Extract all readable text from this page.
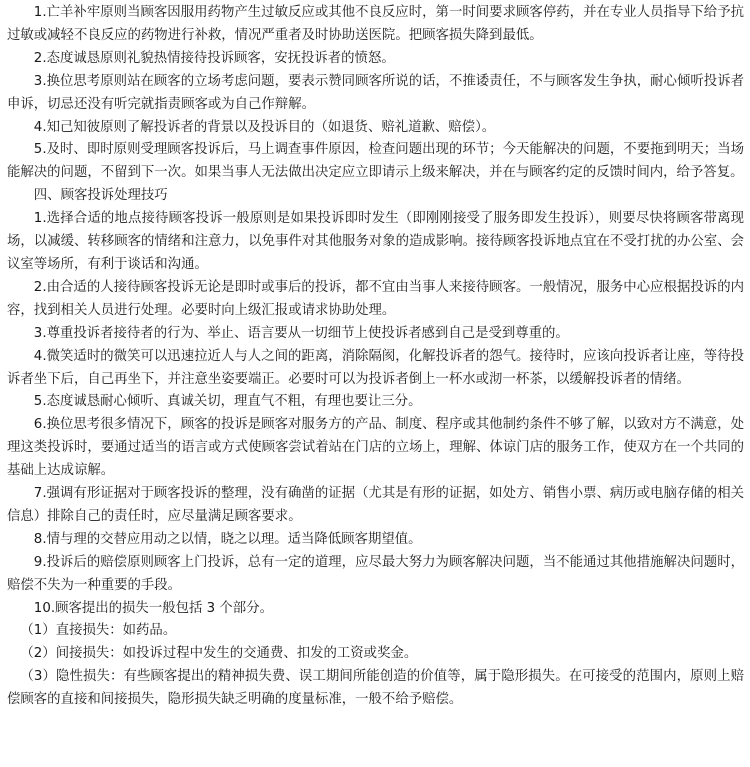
1.亡羊补牢原则当顾客因服用药物产生过敏反应或其他不良反应时，第一时间要求顾客停药，并在专业人员指导下给予抗过敏或减轻不良反应的药物进行补救，情况严重者及时协助送医院。把顾客损失降到最低。

2.态度诚恳原则礼貌热情接待投诉顾客，安抚投诉者的愤怒。

3.换位思考原则站在顾客的立场考虑问题，要表示赞同顾客所说的话，不推诿责任，不与顾客发生争执，耐心倾听投诉者申诉，切忌还没有听完就指责顾客或为自己作辩解。

4.知己知彼原则了解投诉者的背景以及投诉目的（如退货、赔礼道歉、赔偿）。

5.及时、即时原则受理顾客投诉后，马上调查事件原因，检查问题出现的环节；今天能解决的问题，不要拖到明天；当场能解决的问题，不留到下一次。如果当事人无法做出决定应立即请示上级来解决，并在与顾客约定的反馈时间内，给予答复。

四、顾客投诉处理技巧

1.选择合适的地点接待顾客投诉一般原则是如果投诉即时发生（即刚刚接受了服务即发生投诉），则要尽快将顾客带离现场，以减缓、转移顾客的情绪和注意力，以免事件对其他服务对象的造成影响。接待顾客投诉地点宜在不受打扰的办公室、会议室等场所，有利于谈话和沟通。

2.由合适的人接待顾客投诉无论是即时或事后的投诉，都不宜由当事人来接待顾客。一般情况，服务中心应根据投诉的内容，找到相关人员进行处理。必要时向上级汇报或请求协助处理。

3.尊重投诉者接待者的行为、举止、语言要从一切细节上使投诉者感到自己是受到尊重的。

4.微笑适时的微笑可以迅速拉近人与人之间的距离，消除隔阂，化解投诉者的怨气。接待时，应该向投诉者让座，等待投诉者坐下后，自己再坐下，并注意坐姿要端正。必要时可以为投诉者倒上一杯水或沏一杯茶，以缓解投诉者的情绪。

5.态度诚恳耐心倾听、真诚关切，理直气不粗，有理也要让三分。

6.换位思考很多情况下，顾客的投诉是顾客对服务方的产品、制度、程序或其他制约条件不够了解，以致对方不满意，处理这类投诉时，要通过适当的语言或方式使顾客尝试着站在门店的立场上，理解、体谅门店的服务工作，使双方在一个共同的基础上达成谅解。

7.强调有形证据对于顾客投诉的整理，没有确凿的证据（尤其是有形的证据，如处方、销售小票、病历或电脑存储的相关信息）排除自己的责任时，应尽量满足顾客要求。

8.情与理的交替应用动之以情，晓之以理。适当降低顾客期望值。

9.投诉后的赔偿原则顾客上门投诉，总有一定的道理，应尽最大努力为顾客解决问题，当不能通过其他措施解决问题时，赔偿不失为一种重要的手段。

10.顾客提出的损失一般包括 3 个部分。

（1）直接损失：如药品。

（2）间接损失：如投诉过程中发生的交通费、扣发的工资或奖金。

（3）隐性损失：有些顾客提出的精神损失费、误工期间所能创造的价值等，属于隐形损失。在可接受的范围内，原则上赔偿顾客的直接和间接损失，隐形损失缺乏明确的度量标准，一般不给予赔偿。
